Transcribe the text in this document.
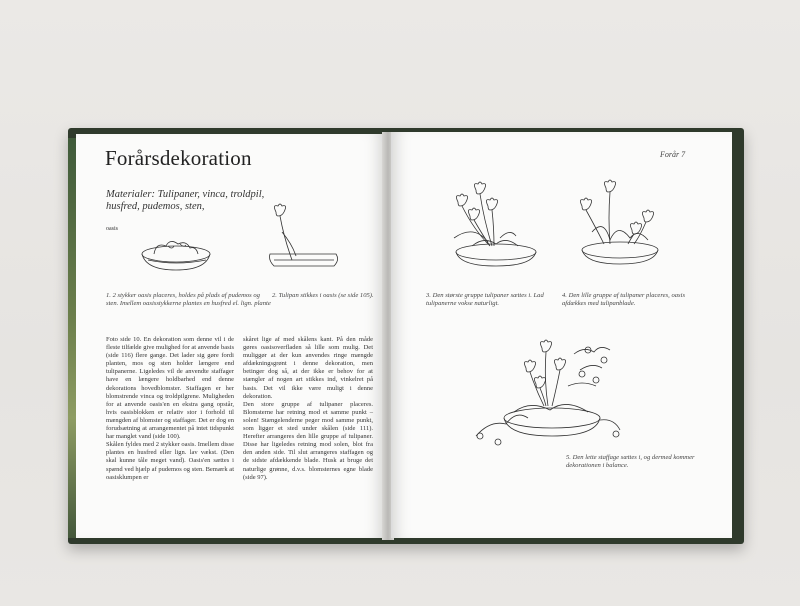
Forårsdekoration
Materialer: Tulipaner, vinca, troldpil, husfred, pudemos, sten,
oasis
1. 2 stykker oasis placeres, holdes på plads af pudemos og sten. Imellem oasisstykkerne plantes en husfred el. lign. plante
2. Tulipan stikkes i oasis (se side 105).
Foto side 10. En dekoration som denne vil i de fleste tilfælde give mulighed for at anvende basis (side 116) flere gange. Det lader sig gøre fordi planten, mos og sten holder længere end tulipanerne. Ligeledes vil de anvendte staffager have en længere holdbarhed end denne dekorations hovedblomster. Staffagen er her blomstrende vinca og troldpilgrene. Muligheden for at anvende oasis'en en ekstra gang opstår, hvis oasisblokken er relativ stor i forhold til mængden af blomster og staffager. Det er dog en forudsætning at arrangementet på intet tidspunkt har manglet vand (side 100).
Skålen fyldes med 2 stykker oasis. Imellem disse plantes en husfred eller lign. lav vækst. (Den skal kunne tåle meget vand). Oasis'en sættes i spænd ved hjælp af pudemos og sten. Bemærk at oasisklumpen er
skåret lige af med skålens kant. På den måde gøres oasisoverfladen så lille som mulig. Det muliggør at der kun anvendes ringe mængde afdækningsgrønt i denne dekoration, men betinger dog så, at der ikke er behov for at stængler af nogen art stikkes ind, vinkelret på basis. Det vil ikke være muligt i denne dekoration.
Den store gruppe af tulipaner placeres. Blomsterne har retning mod et samme punkt – solen! Stængelenderne peger mod samme punkt, som ligger et sted under skålen (side 111). Herefter arrangeres den lille gruppe af tulipaner. Disse har ligeledes retning mod solen, blot fra den anden side. Til slut arrangeres staffagen og de sidste afdækkende blade. Husk at bruge det naturlige grønne, d.v.s. blomsternes egne blade (side 97).
Forår 7
3. Den største gruppe tulipaner sættes i. Lad tulipanerne vokse naturligt.
4. Den lille gruppe af tulipaner placeres, oasis afdækkes med tulipanblade.
5. Den lette staffage sættes i, og dermed kommer dekorationen i balance.
